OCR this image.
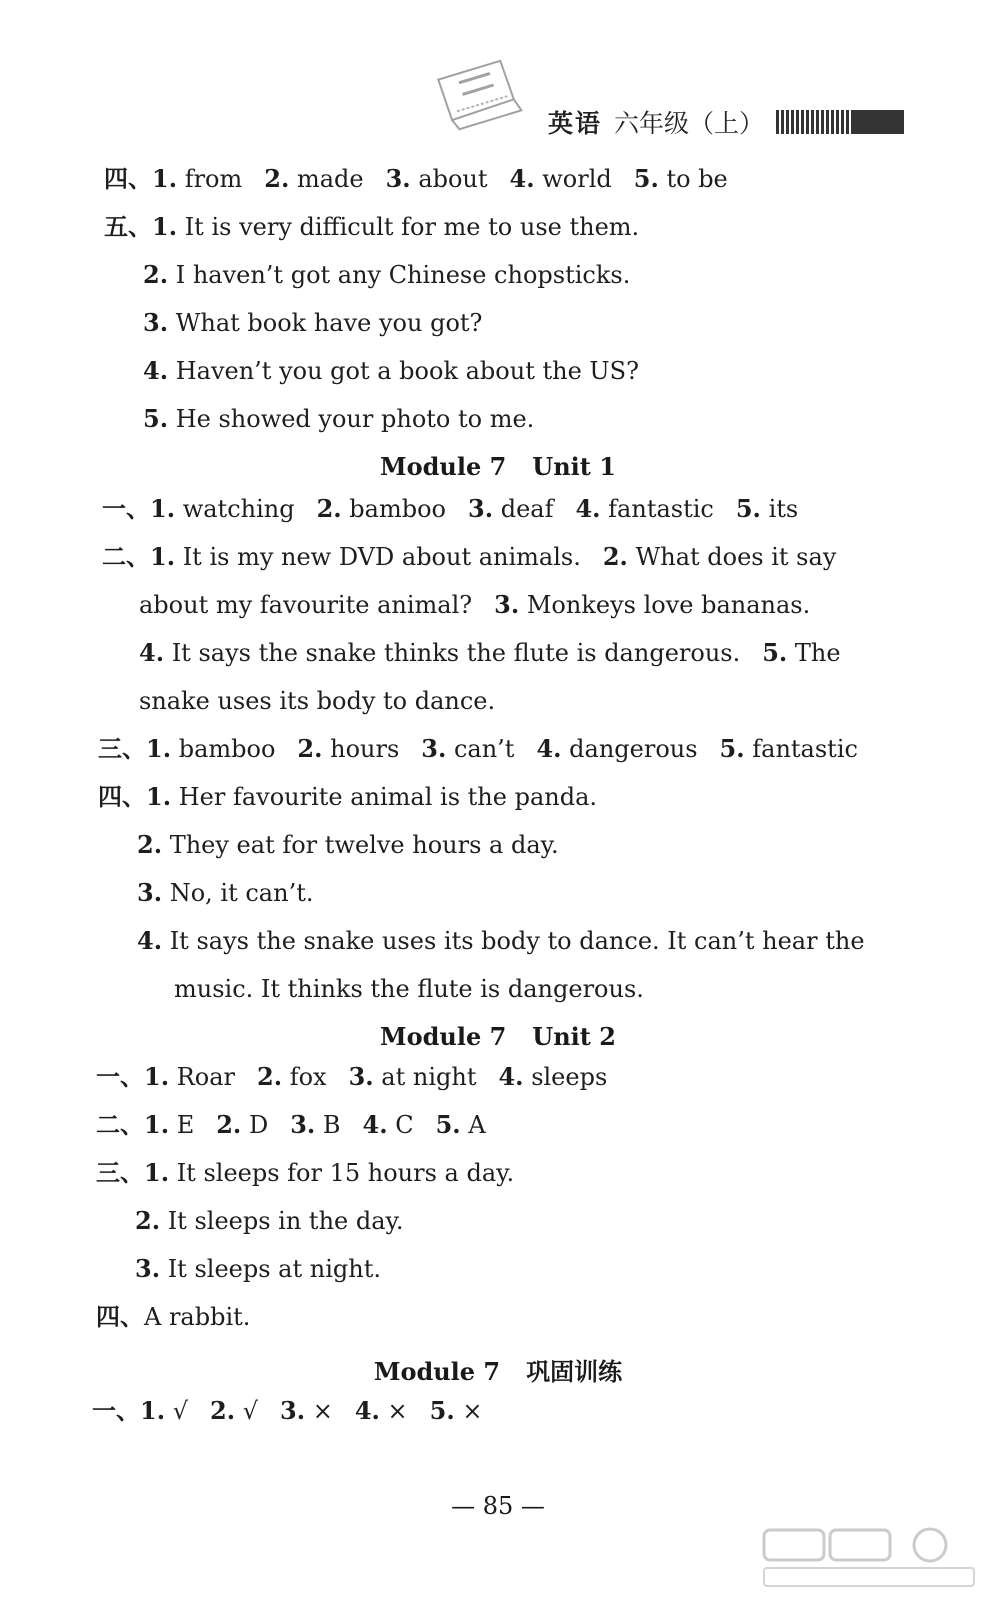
英语 六年级（上）
四、1. from 2. made 3. about 4. world 5. to be
五、1. It is very difficult for me to use them.
2. I haven’t got any Chinese chopsticks.
3. What book have you got?
4. Haven’t you got a book about the US?
5. He showed your photo to me.
Module 7 Unit 1
一、1. watching 2. bamboo 3. deaf 4. fantastic 5. its
二、1. It is my new DVD about animals. 2. What does it say
about my favourite animal? 3. Monkeys love bananas.
4. It says the snake thinks the flute is dangerous. 5. The
snake uses its body to dance.
三、1. bamboo 2. hours 3. can’t 4. dangerous 5. fantastic
四、1. Her favourite animal is the panda.
2. They eat for twelve hours a day.
3. No, it can’t.
4. It says the snake uses its body to dance. It can’t hear the
music. It thinks the flute is dangerous.
Module 7 Unit 2
一、1. Roar 2. fox 3. at night 4. sleeps
二、1. E 2. D 3. B 4. C 5. A
三、1. It sleeps for 15 hours a day.
2. It sleeps in the day.
3. It sleeps at night.
四、A rabbit.
Module 7 巩固训练
一、1. √ 2. √ 3. × 4. × 5. ×
— 85 —
